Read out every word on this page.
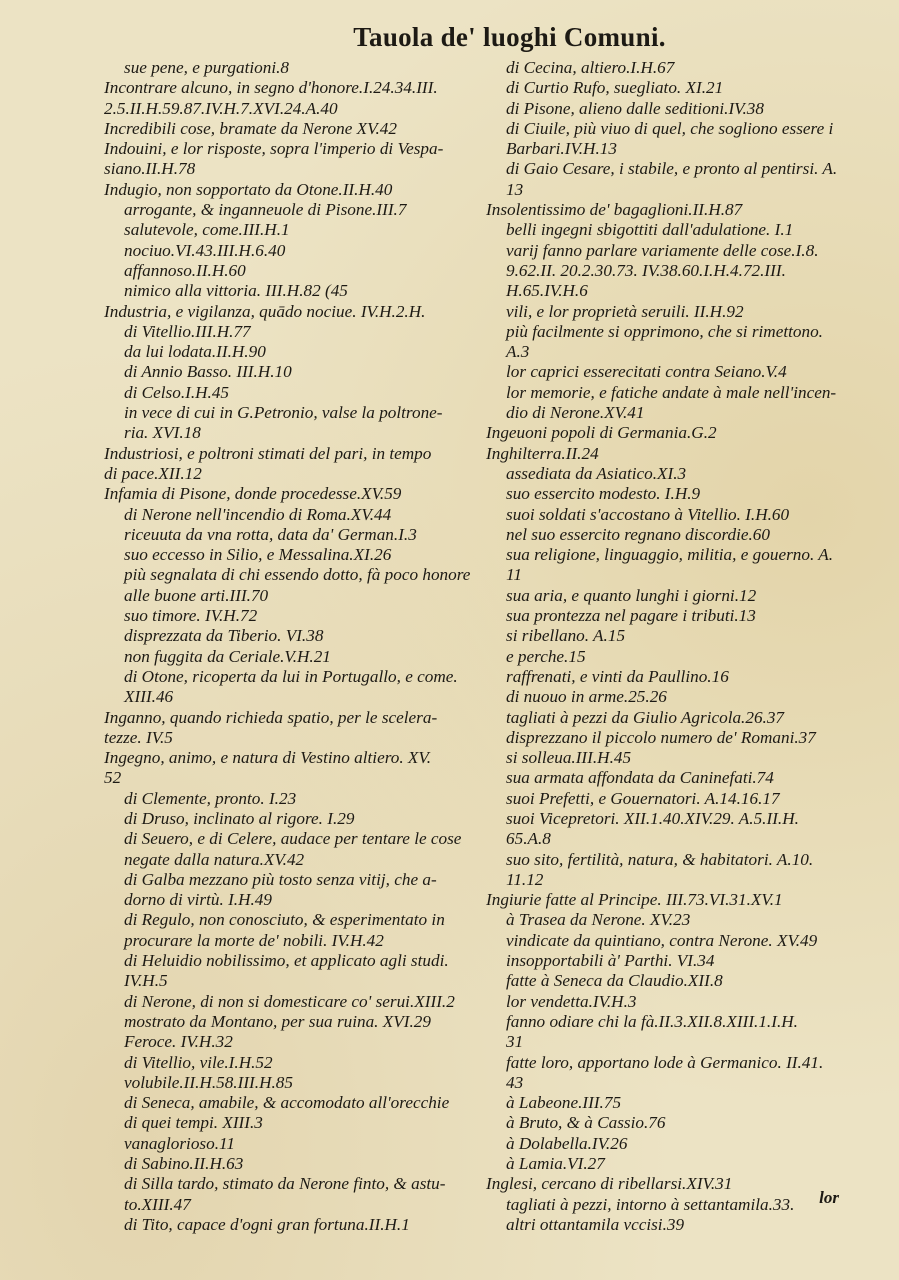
Tauola de' luoghi Comuni.

sue pene, e purgationi.8

Incontrare alcuno, in segno d'honore.I.24.34.III.

2.5.II.H.59.87.IV.H.7.XVI.24.A.40

Incredibili cose, bramate da Nerone XV.42

Indouini, e lor risposte, sopra l'imperio di Vespa-

siano.II.H.78

Indugio, non sopportato da Otone.II.H.40

arrogante, & inganneuole di Pisone.III.7

salutevole, come.III.H.1

nociuo.VI.43.III.H.6.40

affannoso.II.H.60

nimico alla vittoria. III.H.82 (45

Industria, e vigilanza, quādo nociue. IV.H.2.H.

di Vitellio.III.H.77

da lui lodata.II.H.90

di Annio Basso. III.H.10

di Celso.I.H.45

in vece di cui in G.Petronio, valse la poltrone-

ria. XVI.18

Industriosi, e poltroni stimati del pari, in tempo

di pace.XII.12

Infamia di Pisone, donde procedesse.XV.59

di Nerone nell'incendio di Roma.XV.44

riceuuta da vna rotta, data da' German.I.3

suo eccesso in Silio, e Messalina.XI.26

più segnalata di chi essendo dotto, fà poco honore

alle buone arti.III.70

suo timore. IV.H.72

disprezzata da Tiberio. VI.38

non fuggita da Ceriale.V.H.21

di Otone, ricoperta da lui in Portugallo, e come.

XIII.46

Inganno, quando richieda spatio, per le scelera-

tezze. IV.5

Ingegno, animo, e natura di Vestino altiero. XV.

52

di Clemente, pronto. I.23

di Druso, inclinato al rigore. I.29

di Seuero, e di Celere, audace per tentare le cose

negate dalla natura.XV.42

di Galba mezzano più tosto senza vitij, che a-

dorno di virtù. I.H.49

di Regulo, non conosciuto, & esperimentato in

procurare la morte de' nobili. IV.H.42

di Heluidio nobilissimo, et applicato agli studi.

IV.H.5

di Nerone, di non si domesticare co' serui.XIII.2

mostrato da Montano, per sua ruina. XVI.29

Feroce. IV.H.32

di Vitellio, vile.I.H.52

volubile.II.H.58.III.H.85

di Seneca, amabile, & accomodato all'orecchie

di quei tempi. XIII.3

vanaglorioso.11

di Sabino.II.H.63

di Silla tardo, stimato da Nerone finto, & astu-

to.XIII.47

di Tito, capace d'ogni gran fortuna.II.H.1

di Cecina, altiero.I.H.67

di Curtio Rufo, suegliato. XI.21

di Pisone, alieno dalle seditioni.IV.38

di Ciuile, più viuo di quel, che sogliono essere i

Barbari.IV.H.13

di Gaio Cesare, i stabile, e pronto al pentirsi. A.

13

Insolentissimo de' bagaglioni.II.H.87

belli ingegni sbigottiti dall'adulatione. I.1

varij fanno parlare variamente delle cose.I.8.

9.62.II. 20.2.30.73. IV.38.60.I.H.4.72.III.

H.65.IV.H.6

vili, e lor proprietà seruili. II.H.92

più facilmente si opprimono, che si rimettono.

A.3

lor caprici esserecitati contra Seiano.V.4

lor memorie, e fatiche andate à male nell'incen-

dio di Nerone.XV.41

Ingeuoni popoli di Germania.G.2

Inghilterra.II.24

assediata da Asiatico.XI.3

suo essercito modesto. I.H.9

suoi soldati s'accostano à Vitellio. I.H.60

nel suo essercito regnano discordie.60

sua religione, linguaggio, militia, e gouerno. A.

11

sua aria, e quanto lunghi i giorni.12

sua prontezza nel pagare i tributi.13

si ribellano. A.15

e perche.15

raffrenati, e vinti da Paullino.16

di nuouo in arme.25.26

tagliati à pezzi da Giulio Agricola.26.37

disprezzano il piccolo numero de' Romani.37

si solleua.III.H.45

sua armata affondata da Caninefati.74

suoi Prefetti, e Gouernatori. A.14.16.17

suoi Vicepretori. XII.1.40.XIV.29. A.5.II.H.

65.A.8

suo sito, fertilità, natura, & habitatori. A.10.

11.12

Ingiurie fatte al Principe. III.73.VI.31.XV.1

à Trasea da Nerone. XV.23

vindicate da quintiano, contra Nerone. XV.49

insopportabili à' Parthi. VI.34

fatte à Seneca da Claudio.XII.8

lor vendetta.IV.H.3

fanno odiare chi la fà.II.3.XII.8.XIII.1.I.H.

31

fatte loro, apportano lode à Germanico. II.41.

43

à Labeone.III.75

à Bruto, & à Cassio.76

à Dolabella.IV.26

à Lamia.VI.27

Inglesi, cercano di ribellarsi.XIV.31

tagliati à pezzi, intorno à settantamila.33.

altri ottantamila vccisi.39

lor
